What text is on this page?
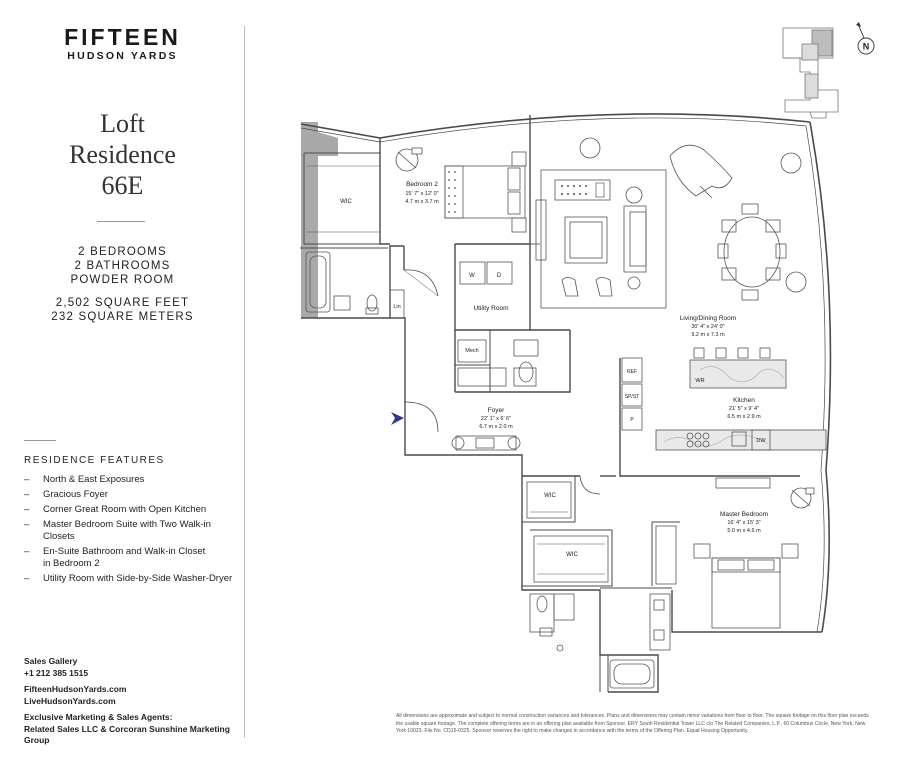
FIFTEEN
HUDSON YARDS
Loft
Residence
66E
2 BEDROOMS
2 BATHROOMS
POWDER ROOM
2,502 SQUARE FEET
232 SQUARE METERS
RESIDENCE FEATURES
–	North & East Exposures
–	Gracious Foyer
–	Corner Great Room with Open Kitchen
–	Master Bedroom Suite with Two Walk-in Closets
–	En-Suite Bathroom and Walk-in Closet
in Bedroom 2
–	Utility Room with Side-by-Side Washer-Dryer
Sales Gallery
+1 212 385 1515
FifteenHudsonYards.com
LiveHudsonYards.com
Exclusive Marketing & Sales Agents:
Related Sales LLC & Corcoran Sunshine Marketing Group
All dimensions are approximate and subject to normal construction variances and tolerances. Plans and dimensions may contain minor variations from floor to floor. The square footage on this floor plan exceeds the usable square footage. The complete offering terms are in an offering plan available from Sponsor, ERY South Residential Tower LLC c/o The Related Companies, L.P., 60 Columbus Circle, New York, New York 10023. File No. CD15-0325. Sponsor reserves the right to make changes in accordance with the terms of the Offering Plan. Equal Housing Opportunity.
N
Bedroom 2
15' 7" x 12' 0"
4.7 m x 3.7 m
WIC
Lin
W	D
Utility Room
Mech
Living/Dining Room
30' 4" x 24' 0"
9.2 m x 7.3 m
REF
SP/ST
P
WR
Kitchen
21' 5" x 9' 4"
6.5 m x 2.9 m
DW
Foyer
22' 1" x 6' 6"
6.7 m x 2.0 m
WIC
WIC
Master Bedroom
16' 4" x 15' 3"
5.0 m x 4.6 m
